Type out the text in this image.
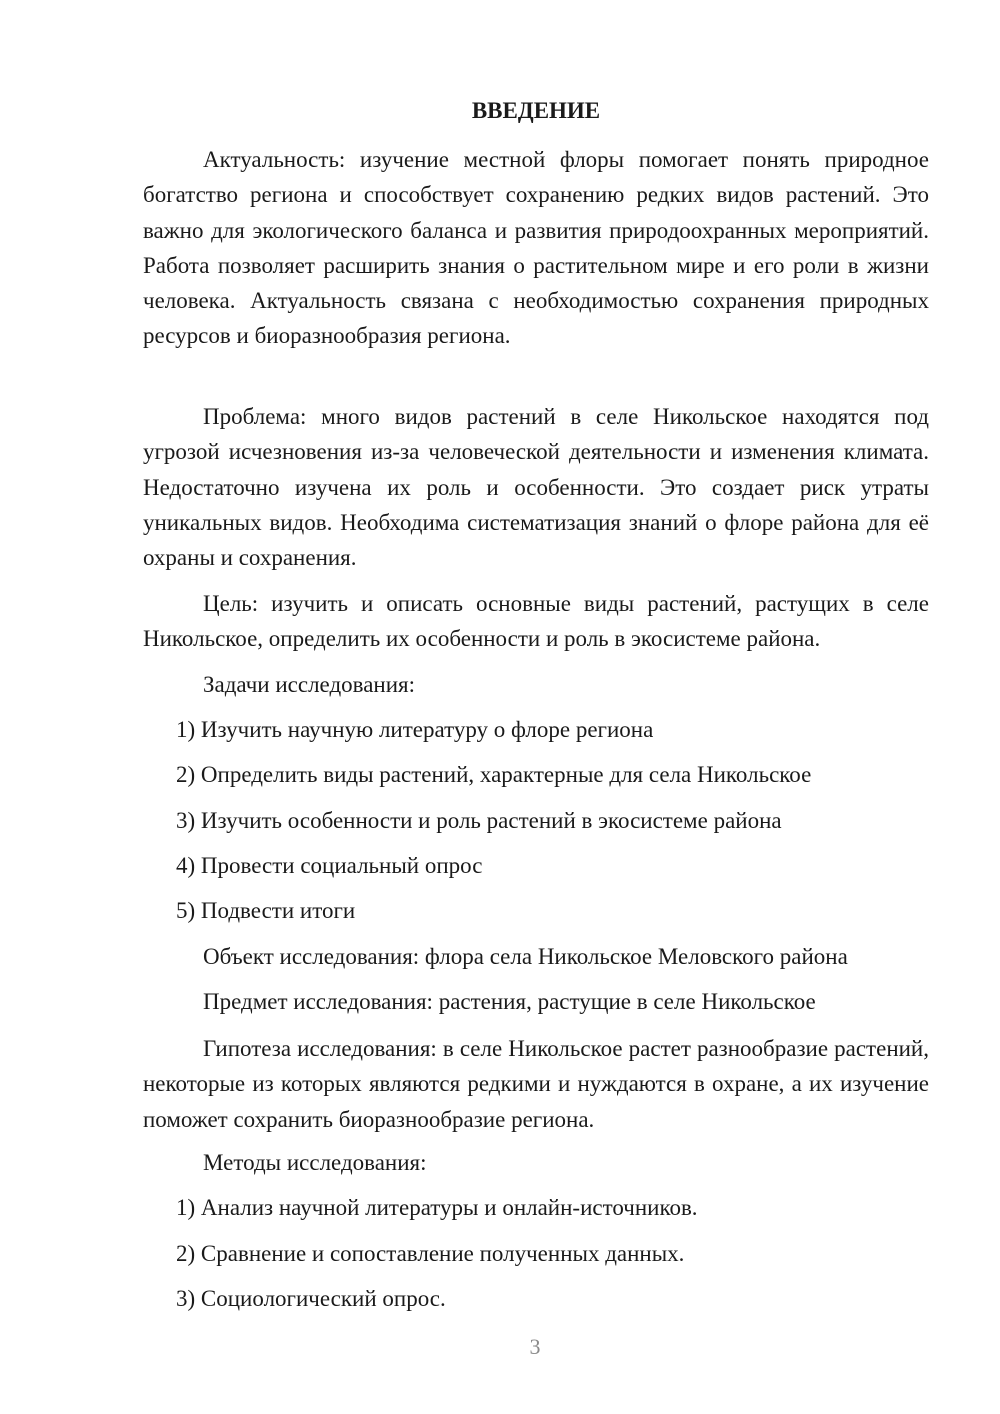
ВВЕДЕНИЕ

Актуальность: изучение местной флоры помогает понять природное богатство региона и способствует сохранению редких видов растений. Это важно для экологического баланса и развития природоохранных мероприятий. Работа позволяет расширить знания о растительном мире и его роли в жизни человека. Актуальность связана с необходимостью сохранения природных ресурсов и биоразнообразия региона.

Проблема: много видов растений в селе Никольское находятся под угрозой исчезновения из-за человеческой деятельности и изменения климата. Недостаточно изучена их роль и особенности. Это создает риск утраты уникальных видов. Необходима систематизация знаний о флоре района для её охраны и сохранения.

Цель: изучить и описать основные виды растений, растущих в селе Никольское, определить их особенности и роль в экосистеме района.

Задачи исследования:

1) Изучить научную литературу о флоре региона

2) Определить виды растений, характерные для села Никольское

3) Изучить особенности и роль растений в экосистеме района

4) Провести социальный опрос

5) Подвести итоги

Объект исследования: флора села Никольское Меловского района

Предмет исследования: растения, растущие в селе Никольское

Гипотеза исследования: в селе Никольское растет разнообразие растений, некоторые из которых являются редкими и нуждаются в охране, а их изучение поможет сохранить биоразнообразие региона.

Методы исследования:

1) Анализ научной литературы и онлайн-источников.

2) Сравнение и сопоставление полученных данных.

3) Социологический опрос.

3
